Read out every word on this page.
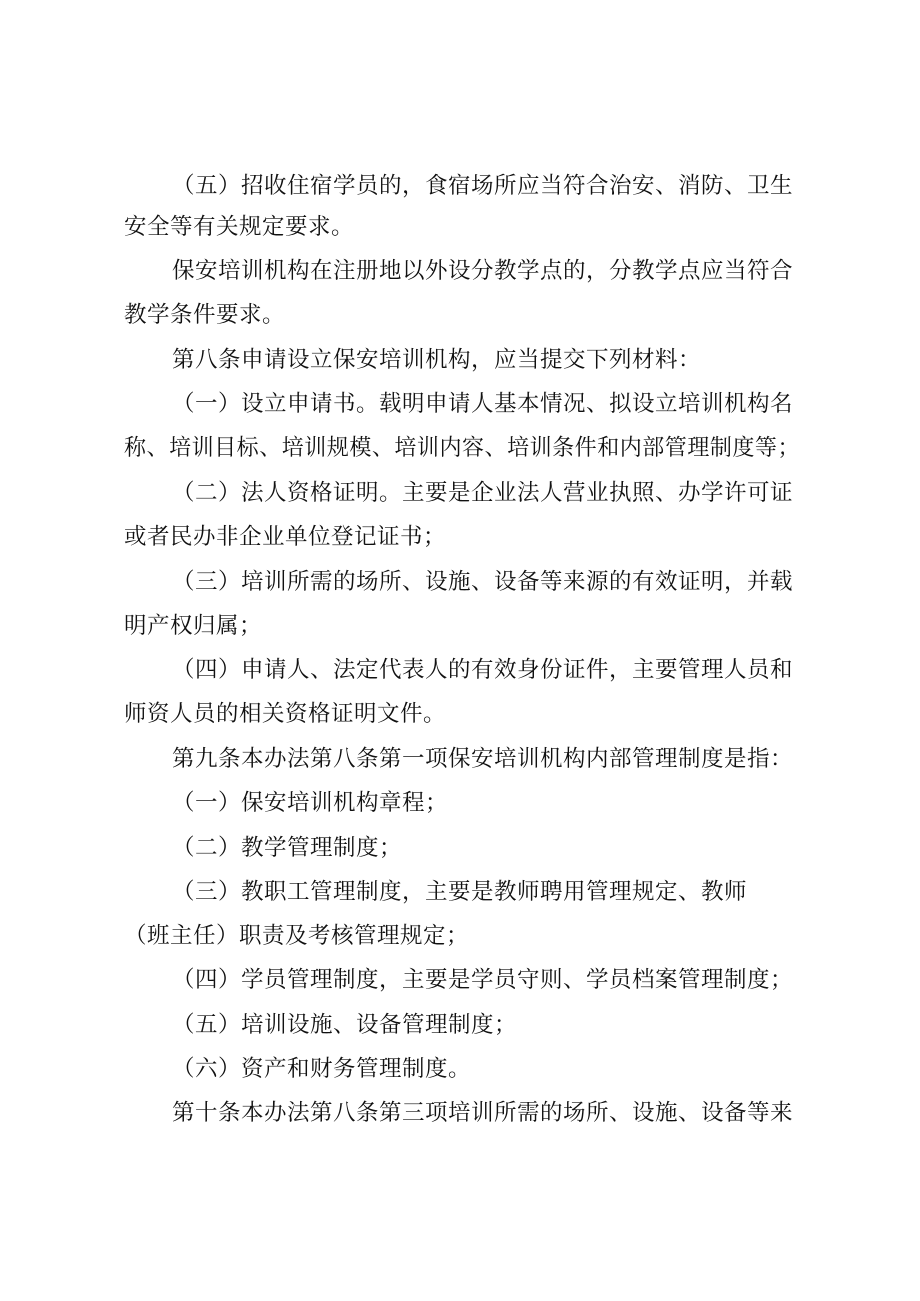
（五）招收住宿学员的，食宿场所应当符合治安、消防、卫生
安全等有关规定要求。
保安培训机构在注册地以外设分教学点的，分教学点应当符合
教学条件要求。
第八条申请设立保安培训机构，应当提交下列材料：
（一）设立申请书。载明申请人基本情况、拟设立培训机构名
称、培训目标、培训规模、培训内容、培训条件和内部管理制度等；
（二）法人资格证明。主要是企业法人营业执照、办学许可证
或者民办非企业单位登记证书；
（三）培训所需的场所、设施、设备等来源的有效证明，并载
明产权归属；
（四）申请人、法定代表人的有效身份证件，主要管理人员和
师资人员的相关资格证明文件。
第九条本办法第八条第一项保安培训机构内部管理制度是指：
（一）保安培训机构章程；
（二）教学管理制度；
（三）教职工管理制度，主要是教师聘用管理规定、教师
（班主任）职责及考核管理规定；
（四）学员管理制度，主要是学员守则、学员档案管理制度；
（五）培训设施、设备管理制度；
（六）资产和财务管理制度。
第十条本办法第八条第三项培训所需的场所、设施、设备等来
